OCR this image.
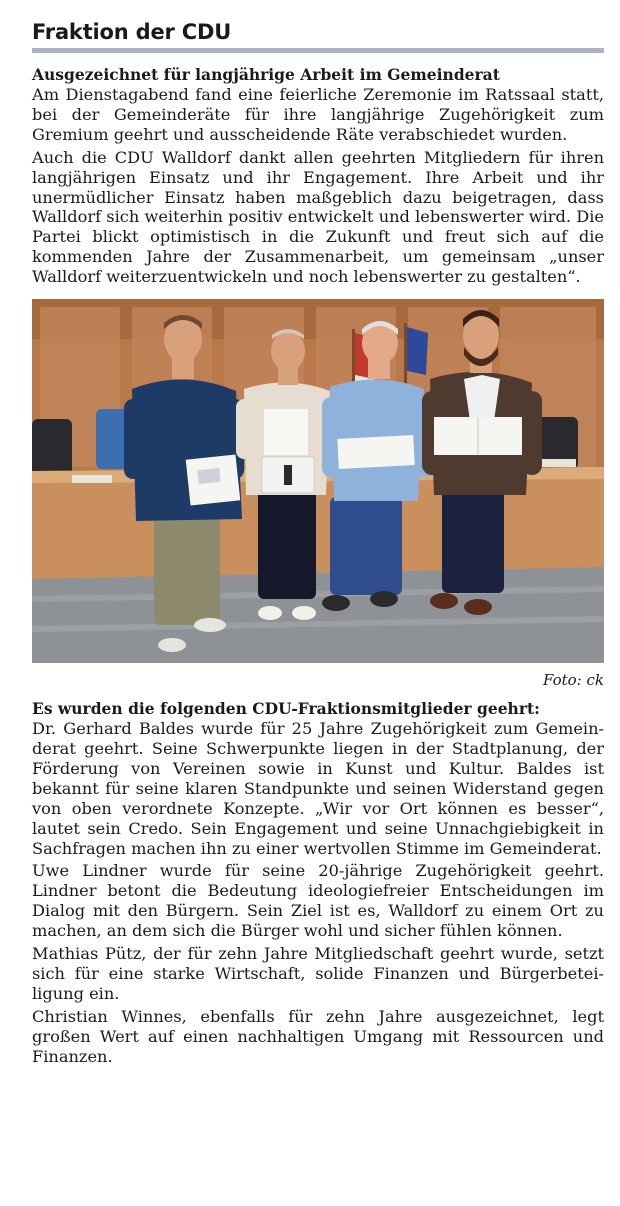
Fraktion der CDU
Ausgezeichnet für langjährige Arbeit im Gemeinderat

Am Dienstagabend fand eine feierliche Zeremonie im Ratssaal statt, bei der Gemeinderäte für ihre langjährige Zugehörigkeit zum Gremium geehrt und ausscheidende Räte verabschiedet wurden.

Auch die CDU Walldorf dankt allen geehrten Mitgliedern für ihren langjährigen Einsatz und ihr Engagement. Ihre Arbeit und ihr unermüdlicher Einsatz haben maßgeblich dazu beigetragen, dass Walldorf sich weiterhin positiv entwickelt und lebenswerter wird. Die Partei blickt optimistisch in die Zukunft und freut sich auf die kommenden Jahre der Zusammenarbeit, um gemeinsam „unser Walldorf weiterzuentwickeln und noch lebenswerter zu gestalten“.

Foto: ck
Es wurden die folgenden CDU-Fraktionsmitglieder geehrt:

Dr. Gerhard Baldes wurde für 25 Jahre Zugehörigkeit zum Gemeinderat geehrt. Seine Schwerpunkte liegen in der Stadtplanung, der Förderung von Vereinen sowie in Kunst und Kultur. Baldes ist bekannt für seine klaren Standpunkte und seinen Widerstand gegen von oben verordnete Konzepte. „Wir vor Ort können es besser“, lautet sein Credo. Sein Engagement und seine Unnachgiebigkeit in Sachfragen machen ihn zu einer wertvollen Stimme im Gemeinderat.

Uwe Lindner wurde für seine 20-jährige Zugehörigkeit geehrt. Lindner betont die Bedeutung ideologiefreier Entscheidungen im Dialog mit den Bürgern. Sein Ziel ist es, Walldorf zu einem Ort zu machen, an dem sich die Bürger wohl und sicher fühlen können.

Mathias Pütz, der für zehn Jahre Mitgliedschaft geehrt wurde, setzt sich für eine starke Wirtschaft, solide Finanzen und Bürgerbeteiligung ein.

Christian Winnes, ebenfalls für zehn Jahre ausgezeichnet, legt großen Wert auf einen nachhaltigen Umgang mit Ressourcen und Finanzen.
